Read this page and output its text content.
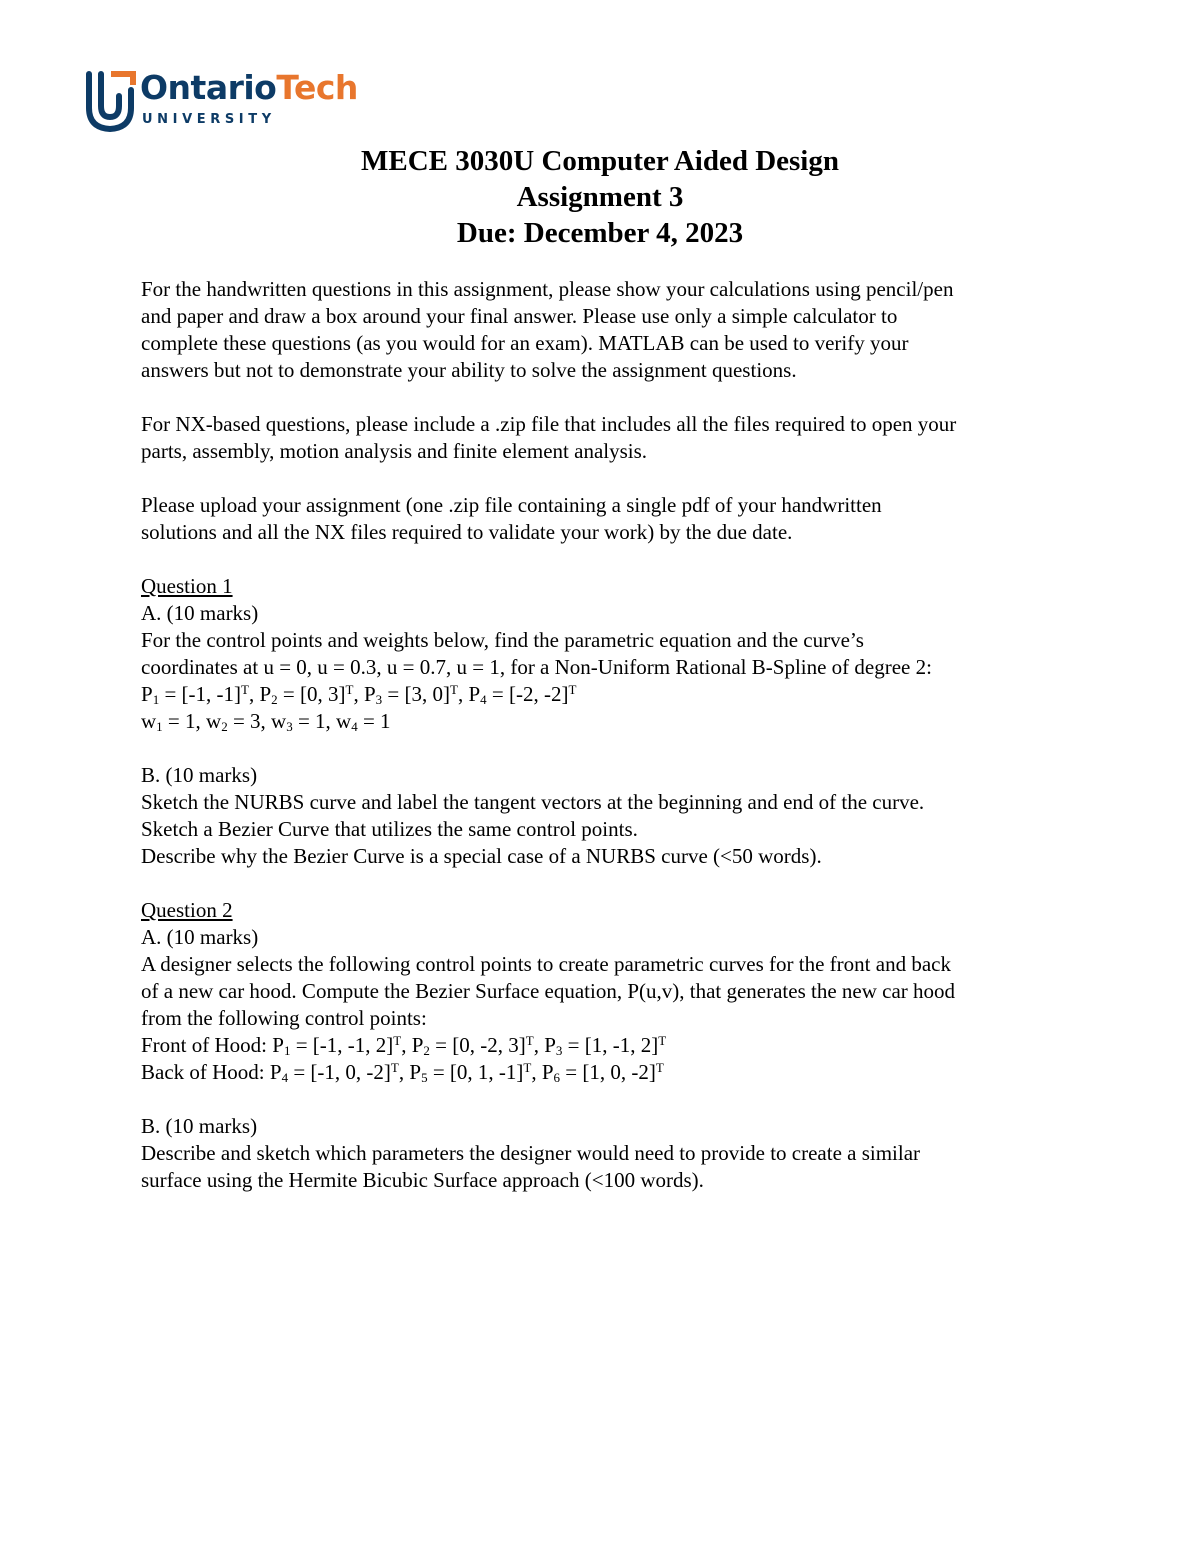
OntarioTech
UNIVERSITY
MECE 3030U Computer Aided Design
Assignment 3
Due: December 4, 2023

For the handwritten questions in this assignment, please show your calculations using pencil/pen
and paper and draw a box around your final answer. Please use only a simple calculator to
complete these questions (as you would for an exam). MATLAB can be used to verify your
answers but not to demonstrate your ability to solve the assignment questions.

For NX-based questions, please include a .zip file that includes all the files required to open your
parts, assembly, motion analysis and finite element analysis.

Please upload your assignment (one .zip file containing a single pdf of your handwritten
solutions and all the NX files required to validate your work) by the due date.

Question 1
A. (10 marks)
For the control points and weights below, find the parametric equation and the curve’s
coordinates at u = 0, u = 0.3, u = 0.7, u = 1, for a Non-Uniform Rational B-Spline of degree 2:
$P_1 = [-1$, -1]$^T$, $P_2 = [0$, 3]$^T$, $P_3 = [3$, 0]$^T$, $P_4 = [-2$, -2]$^T$
$w_1 = 1$, $w_2 = 3$, $w_3 = 1$, $w_4 = 1$
B. (10 marks)
Sketch the NURBS curve and label the tangent vectors at the beginning and end of the curve.
Sketch a Bezier Curve that utilizes the same control points.
Describe why the Bezier Curve is a special case of a NURBS curve (<50 words).
Question 2
A. (10 marks)
A designer selects the following control points to create parametric curves for the front and back
of a new car hood. Compute the Bezier Surface equation, P(u,v), that generates the new car hood
from the following control points:
Front of Hood: $P_1 = [-1$, -1, 2]$^T$, $P_2 = [0$, -2, 3]$^T$, $P_3 = [1$, -1, 2]$^T$
Back of Hood: $P_4 = [-1$, 0, -2]$^T$, $P_5 = [0$, 1, -1]$^T$, $P_6 = [1$, 0, -2]$^T$
B. (10 marks)
Describe and sketch which parameters the designer would need to provide to create a similar
surface using the Hermite Bicubic Surface approach (<100 words).
